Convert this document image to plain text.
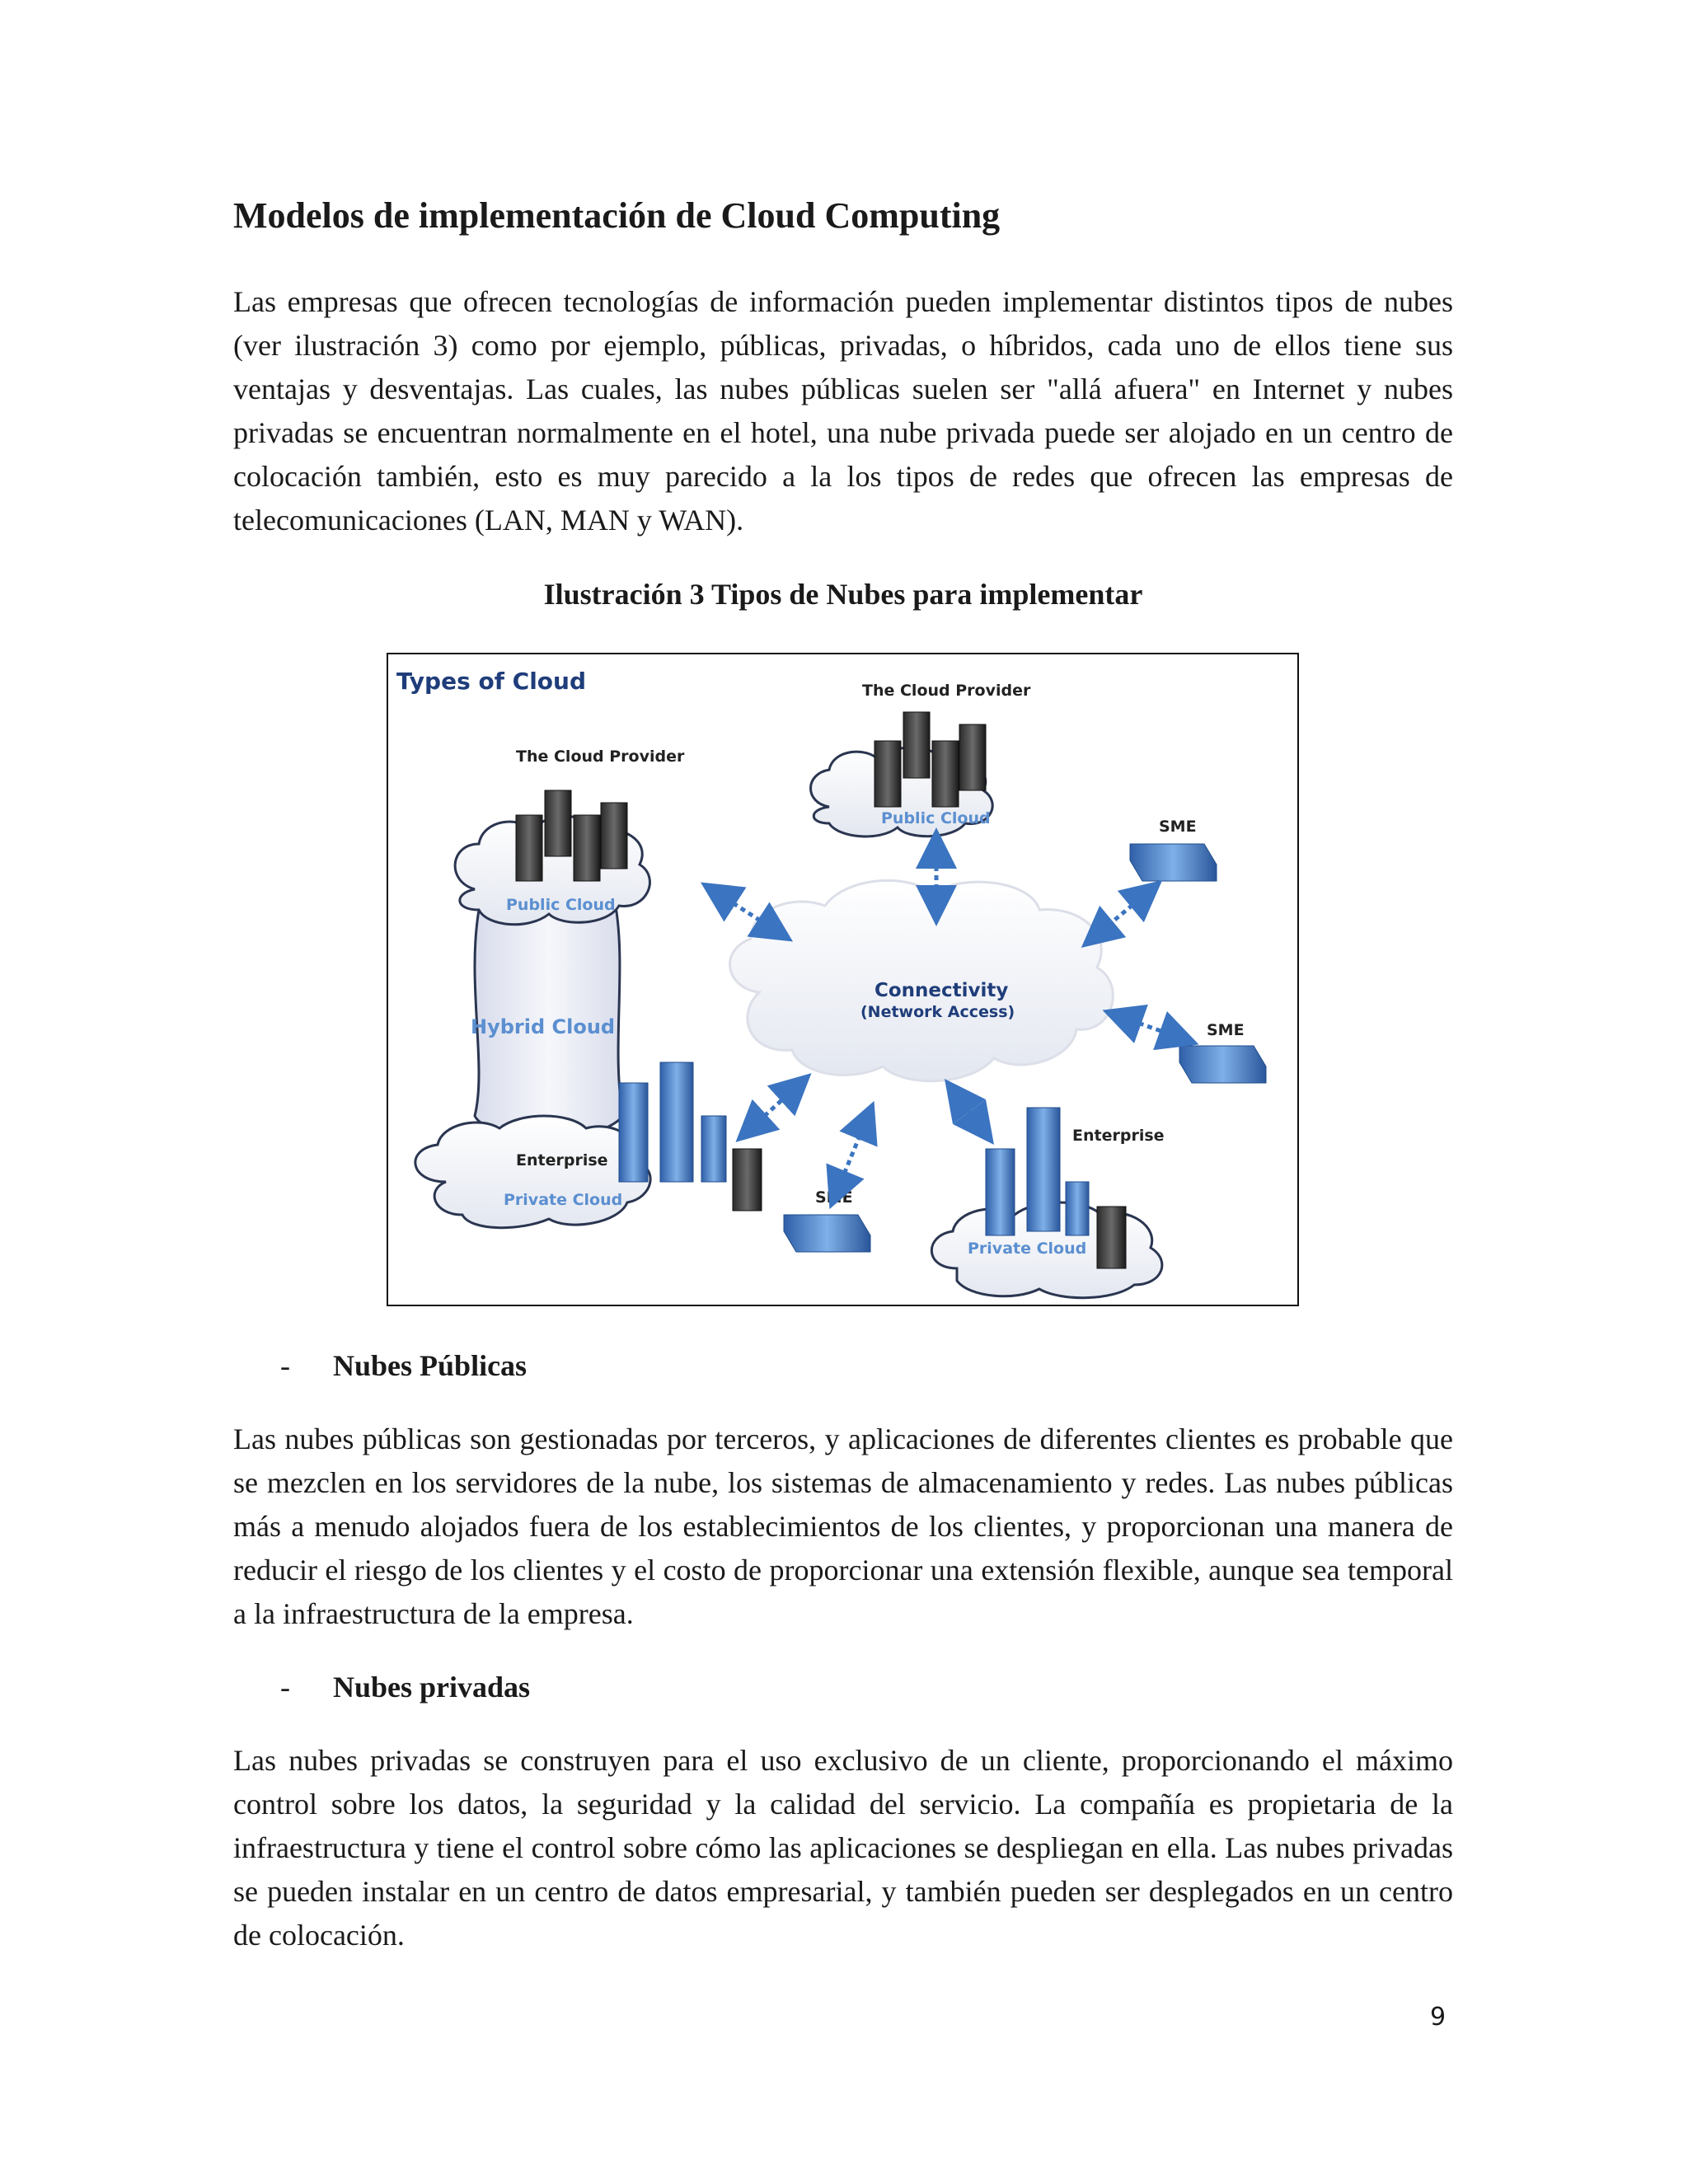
Modelos de implementación de Cloud Computing

Las empresas que ofrecen tecnologías de información pueden implementar distintos tipos de nubes (ver ilustración 3) como por ejemplo, públicas, privadas, o híbridos, cada uno de ellos tiene sus ventajas y desventajas. Las cuales, las nubes públicas suelen ser "allá afuera" en Internet y nubes privadas se encuentran normalmente en el hotel, una nube privada puede ser alojado en un centro de colocación también, esto es muy parecido a la los tipos de redes que ofrecen las empresas de telecomunicaciones (LAN, MAN y WAN).

Ilustración 3 Tipos de Nubes para implementar

Types of Cloud
Hybrid Cloud
Public Cloud
The Cloud Provider
Public Cloud
The Cloud Provider
Connectivity
(Network Access)
Enterprise
Private Cloud
SME
SME
SME
Private Cloud
Enterprise

- Nubes Públicas

Las nubes públicas son gestionadas por terceros, y aplicaciones de diferentes clientes es probable que se mezclen en los servidores de la nube, los sistemas de almacenamiento y redes. Las nubes públicas más a menudo alojados fuera de los establecimientos de los clientes, y proporcionan una manera de reducir el riesgo de los clientes y el costo de proporcionar una extensión flexible, aunque sea temporal a la infraestructura de la empresa.

- Nubes privadas

Las nubes privadas se construyen para el uso exclusivo de un cliente, proporcionando el máximo control sobre los datos, la seguridad y la calidad del servicio. La compañía es propietaria de la infraestructura y tiene el control sobre cómo las aplicaciones se despliegan en ella. Las nubes privadas se pueden instalar en un centro de datos empresarial, y también pueden ser desplegados en un centro de colocación.

9
